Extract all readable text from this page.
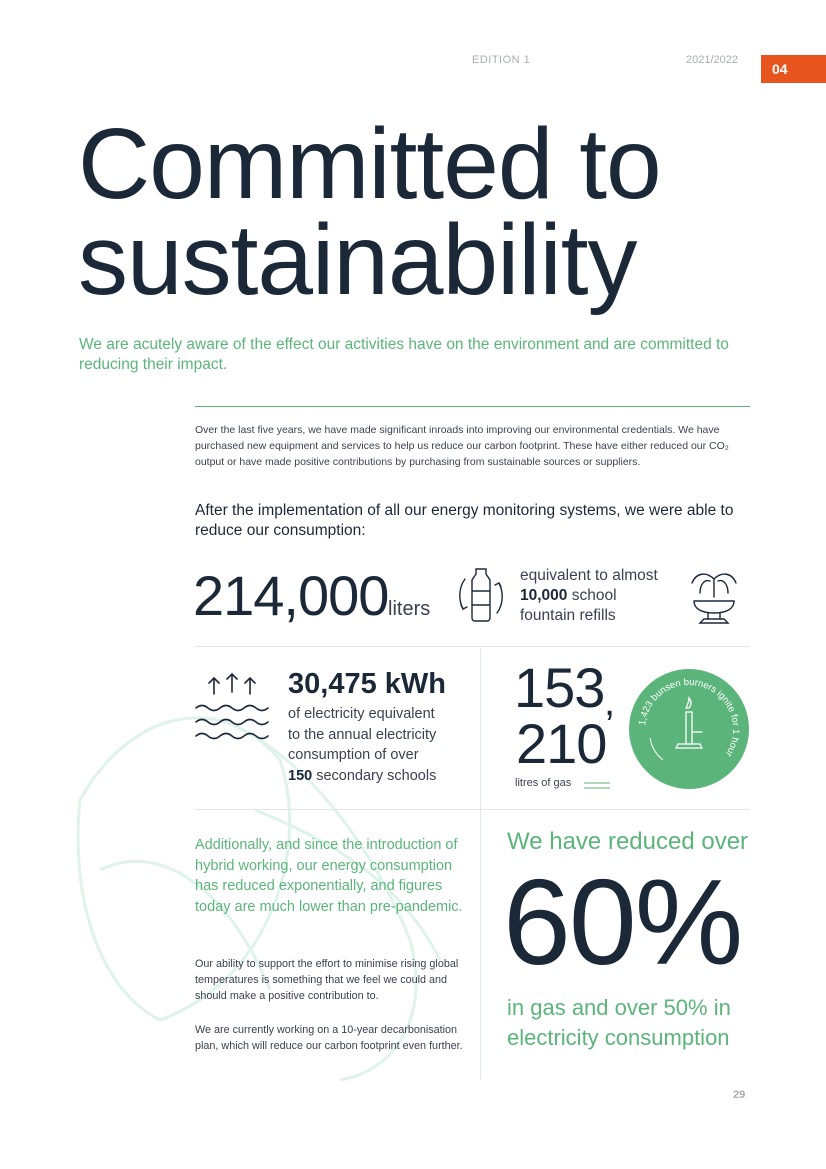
EDITION 1	2021/2022
04
Committed to
sustainability
We are acutely aware of the effect our activities have on the environment and are committed to reducing their impact.
Over the last five years, we have made significant inroads into improving our environmental credentials. We have purchased new equipment and services to help us reduce our carbon footprint. These have either reduced our CO₂ output or have made positive contributions by purchasing from sustainable sources or suppliers.
After the implementation of all our energy monitoring systems, we were able to reduce our consumption:
214,000 liters
equivalent to almost
10,000 school
fountain refills
30,475 kWh
of electricity equivalent
to the annual electricity
consumption of over
150 secondary schools
153 ,
210
litres of gas
1,423 bunsen burners ignite for 1 hour
Additionally, and since the introduction of hybrid working, our energy consumption has reduced exponentially, and figures today are much lower than pre-pandemic.
Our ability to support the effort to minimise rising global temperatures is something that we feel we could and should make a positive contribution to.
We are currently working on a 10-year decarbonisation plan, which will reduce our carbon footprint even further.
We have reduced over
60%
in gas and over 50% in electricity consumption
29
